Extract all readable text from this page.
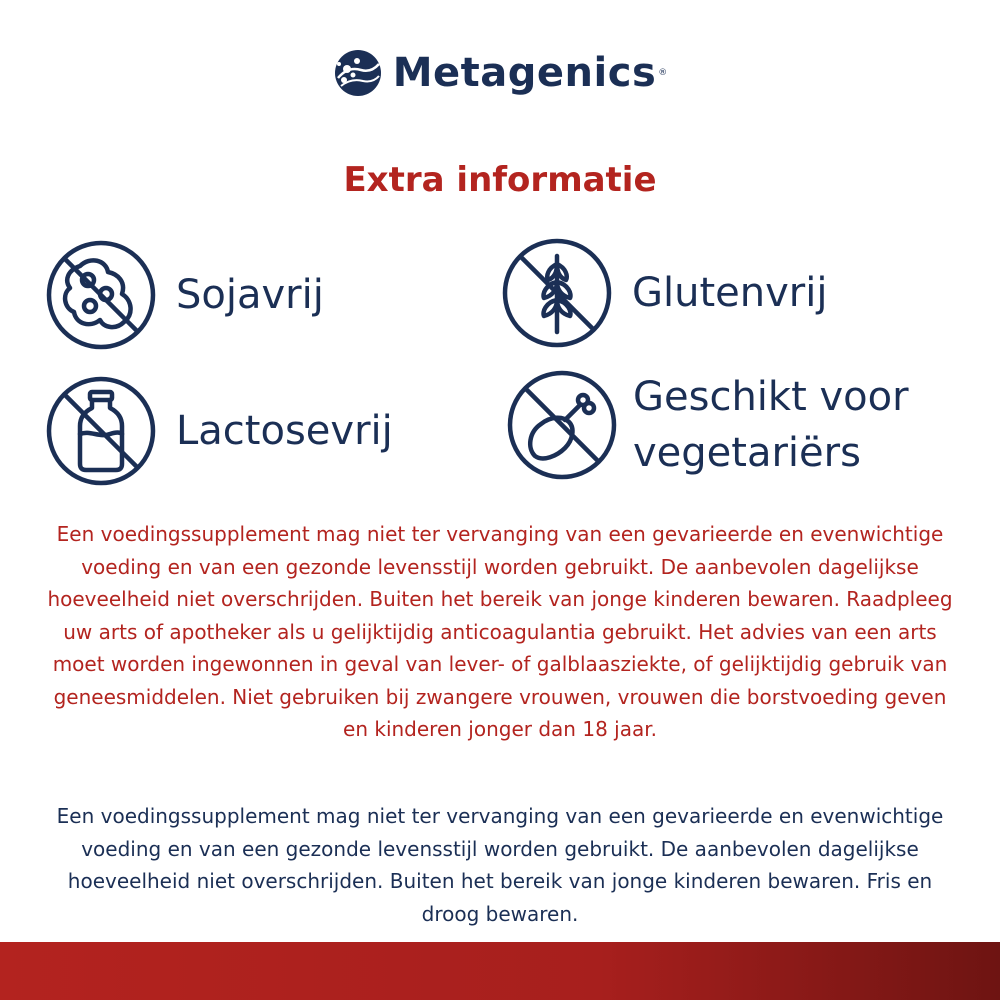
Metagenics ®
Extra informatie
Sojavrij	Glutenvrij
Lactosevrij
Geschikt voor
vegetariërs

Een voedingssupplement mag niet ter vervanging van een gevarieerde en evenwichtige voeding en van een gezonde levensstijl worden gebruikt. De aanbevolen dagelijkse hoeveelheid niet overschrijden. Buiten het bereik van jonge kinderen bewaren. Raadpleeg uw arts of apotheker als u gelijktijdig anticoagulantia gebruikt. Het advies van een arts moet worden ingewonnen in geval van lever- of galblaasziekte, of gelijktijdig gebruik van geneesmiddelen. Niet gebruiken bij zwangere vrouwen, vrouwen die borstvoeding geven en kinderen jonger dan 18 jaar.

Een voedingssupplement mag niet ter vervanging van een gevarieerde en evenwichtige voeding en van een gezonde levensstijl worden gebruikt. De aanbevolen dagelijkse hoeveelheid niet overschrijden. Buiten het bereik van jonge kinderen bewaren. Fris en droog bewaren.
